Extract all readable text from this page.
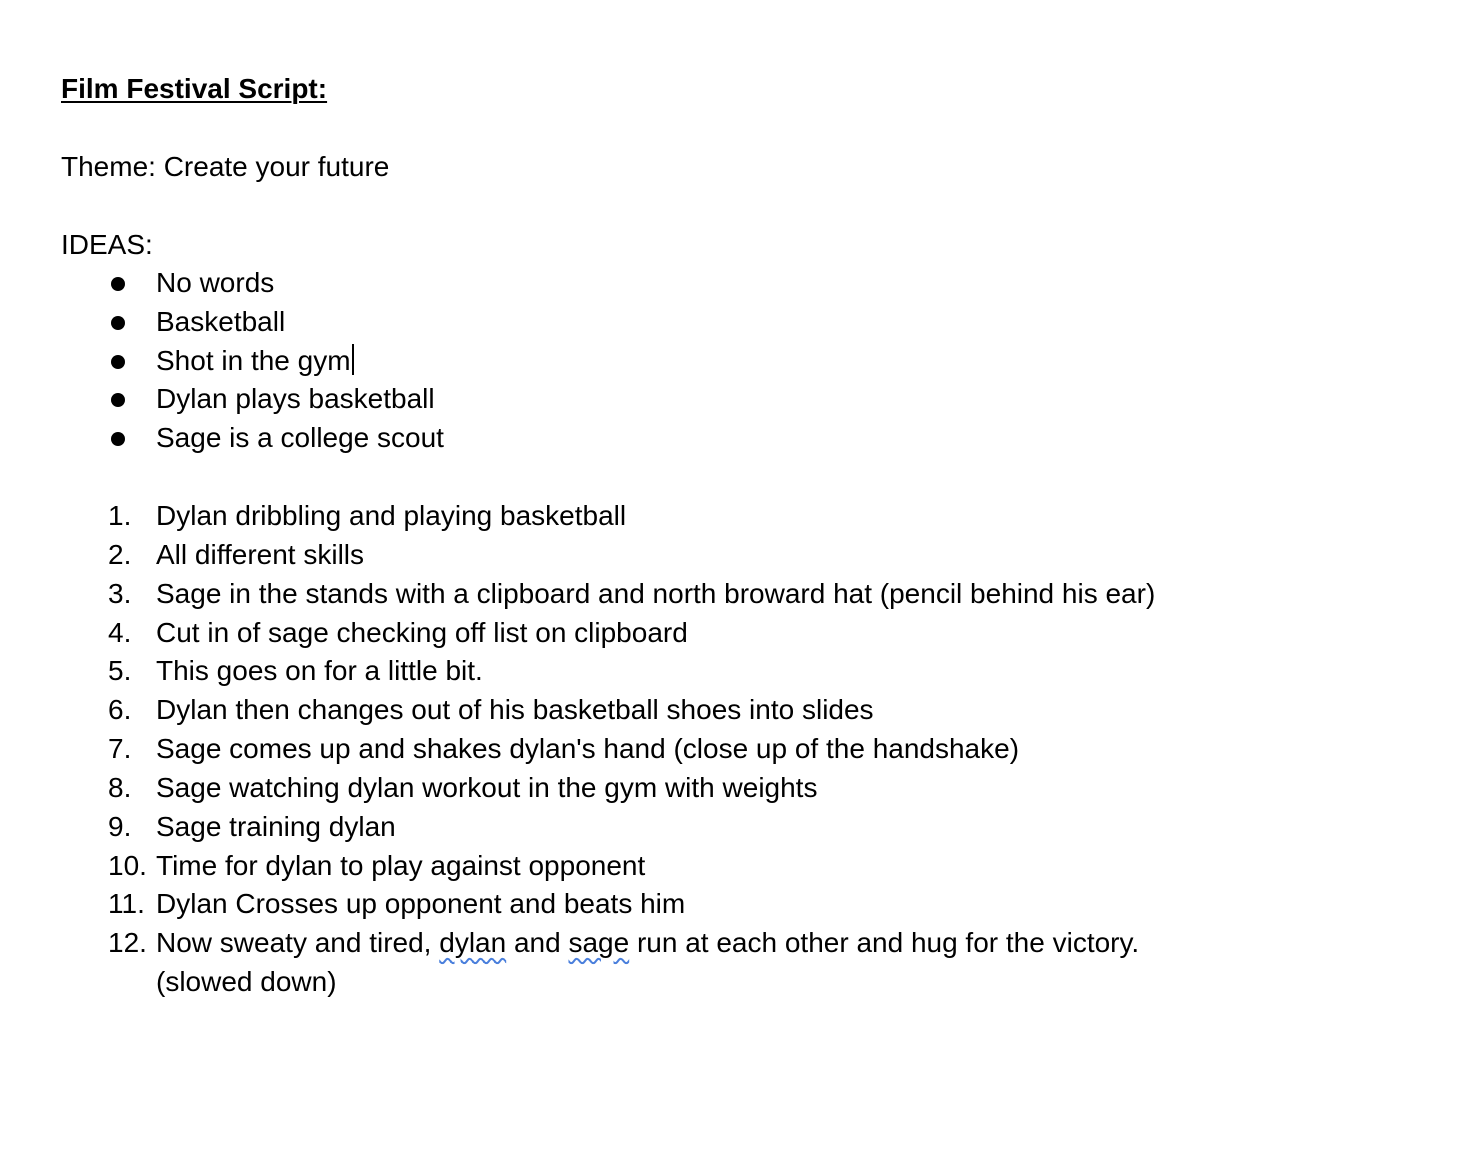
Film Festival Script:
Theme: Create your future
IDEAS:
No words
Basketball
Shot in the gym
Dylan plays basketball
Sage is a college scout
1. Dylan dribbling and playing basketball
2. All different skills
3. Sage in the stands with a clipboard and north broward hat (pencil behind his ear)
4. Cut in of sage checking off list on clipboard
5. This goes on for a little bit.
6. Dylan then changes out of his basketball shoes into slides
7. Sage comes up and shakes dylan's hand (close up of the handshake)
8. Sage watching dylan workout in the gym with weights
9. Sage training dylan
10. Time for dylan to play against opponent
11. Dylan Crosses up opponent and beats him
12. Now sweaty and tired, dylan and sage run at each other and hug for the victory.
(slowed down)
